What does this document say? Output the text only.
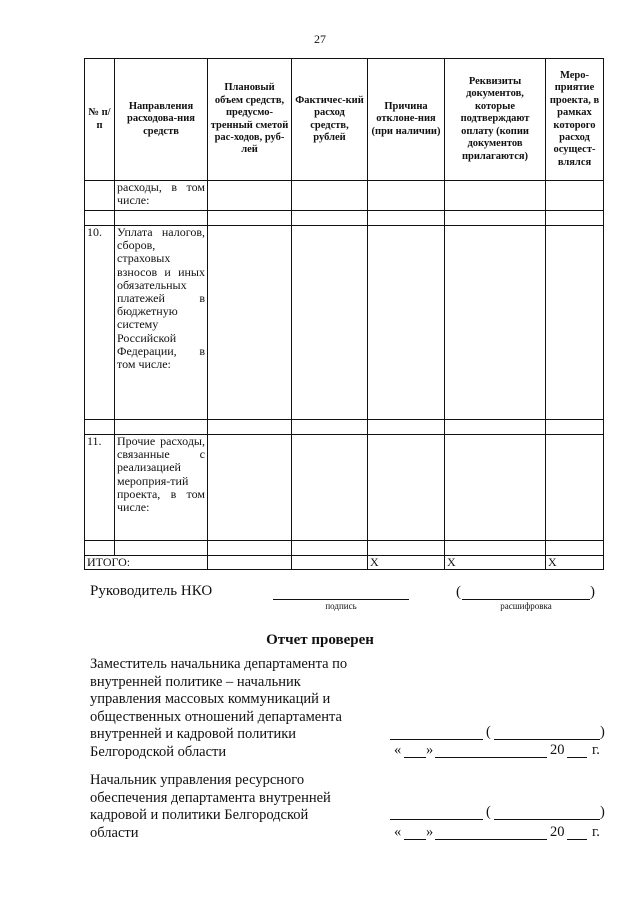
27
№ п/п	Направления расходова-ния средств	Плановый объем средств, предусмо-тренный сметой рас-ходов, руб-лей	Фактичес-кий расход средств, рублей	Причина отклоне-ния (при наличии)	Реквизиты документов, которые подтверждают оплату (копии документов прилагаются)	Меро-приятие проекта, в рамках которого расход осущест-влялся
	расходы, в том числе:					

10.	Уплата налогов, сборов, страховых взносов и иных обязательных платежей в бюджетную систему Российской Федерации, в том числе:					

11.	Прочие расходы, связанные с реализацией мероприя-тий проекта, в том числе:					

ИТОГО:				X	X	X
Руководитель НКО
подпись
(	)
расшифровка
Отчет проверен
Заместитель начальника департамента по
внутренней политике – начальник
управления массовых коммуникаций и
общественных отношений департамента
внутренней и кадровой политики
Белгородской области
(	)
« »	20 г.
Начальник управления ресурсного
обеспечения департамента внутренней
кадровой и политики Белгородской
области
(	)
« »	20 г.
